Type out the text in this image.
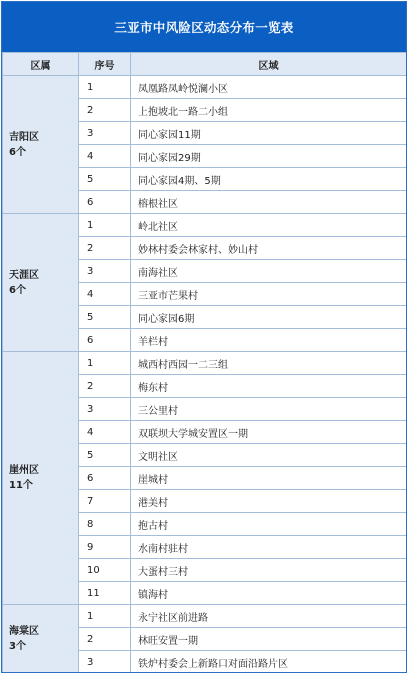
三亚市中风险区动态分布一览表
区属	序号	区域

吉阳区
6个	1	凤凰路凤岭悦澜小区
	2	上抱坡北一路二小组
	3	同心家园11期
	4	同心家园29期
	5	同心家园4期、5期
	6	榕根社区

天涯区
6个	1	岭北社区
	2	妙林村委会林家村、妙山村
	3	南海社区
	4	三亚市芒果村
	5	同心家园6期
	6	羊栏村

崖州区
11个	1	城西村西园一二三组
	2	梅东村
	3	三公里村
	4	双联坝大学城安置区一期
	5	文明社区
	6	崖城村
	7	港美村
	8	抱古村
	9	水南村驻村
	10	大蛋村三村
	11	镇海村

海棠区
3个	1	永宁社区前进路
	2	林旺安置一期
	3	铁炉村委会上新路口对面沿路片区
